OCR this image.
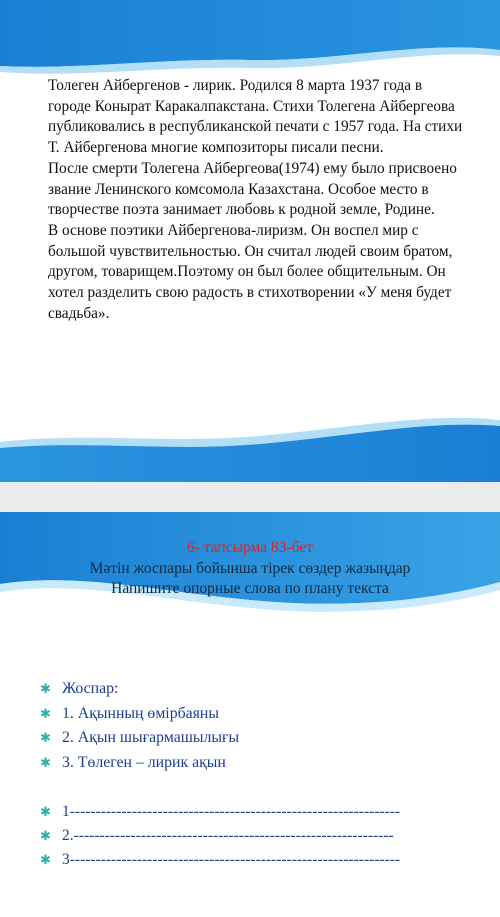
Толеген Айбергенов - лирик. Родился 8 марта 1937 года в городе Конырат Каракалпакстана. Стихи Толегена Айбергеова публиковались в республиканской печати с 1957 года. На стихи Т. Айбергенова многие композиторы писали песни.

После смерти Толегена Айбергеова(1974) ему было присвоено звание Ленинского комсомола Казахстана. Особое место в творчестве поэта занимает любовь к родной земле, Родине.

В основе поэтики Айбергенова-лиризм. Он воспел мир с большой чувствительностью. Он считал людей своим братом, другом, товарищем.Поэтому он был более общительным. Он хотел разделить свою радость в стихотворении «У меня будет свадьба».

6- тапсырма 83-бет
Мәтін жоспары бойынша тірек сөздер жазыңдар
Напишите опорные слова по плану текста
✱ Жоспар:
✱ 1. Ақынның өмірбаяны
✱ 2. Ақын шығармашылығы
✱ 3. Төлеген – лирик ақын
✱ 1----------------------------------------------------------------
✱ 2.--------------------------------------------------------------
✱ 3----------------------------------------------------------------
